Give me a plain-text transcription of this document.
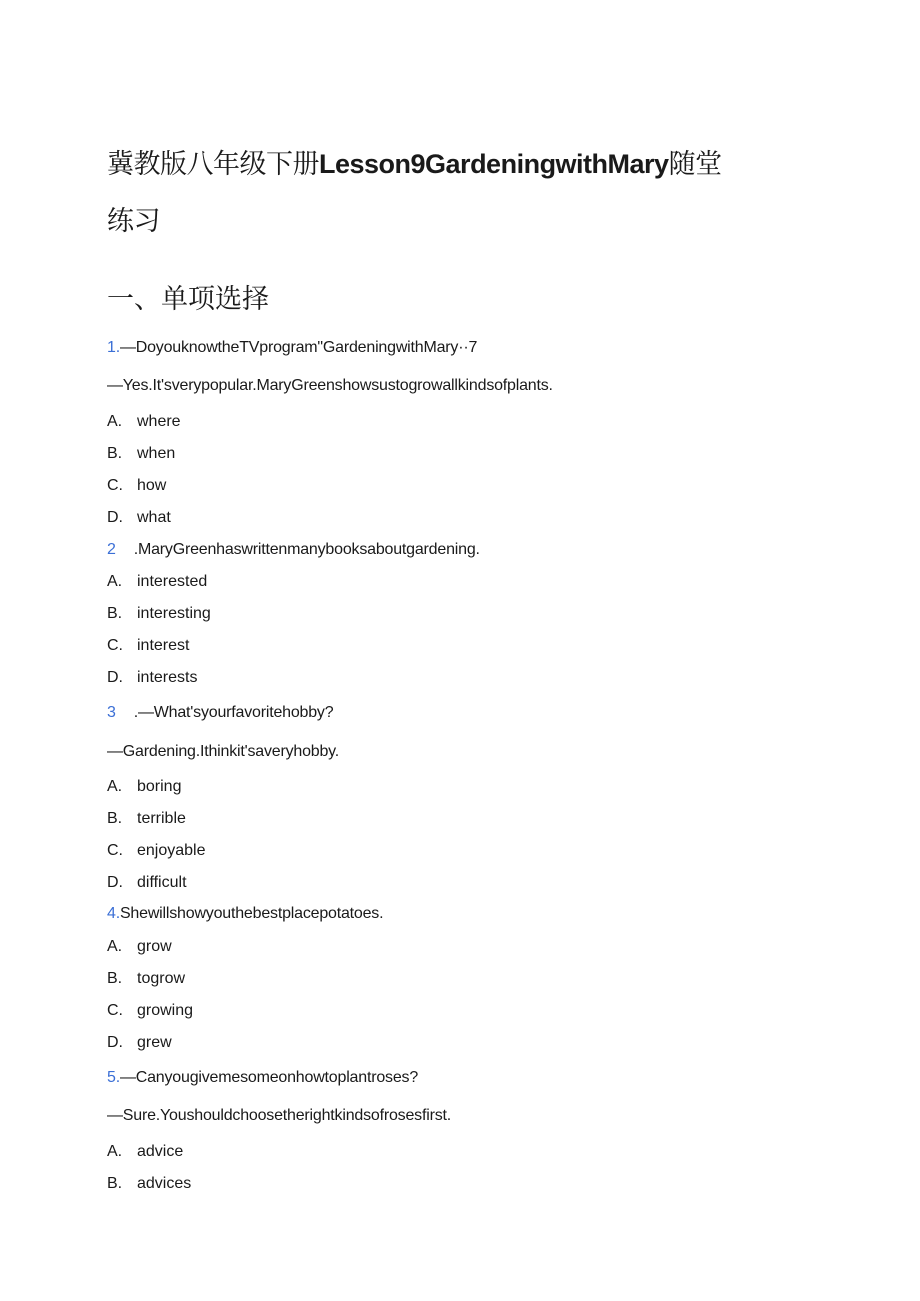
冀教版八年级下册Lesson9GardeningwithMary随堂
练习
一、单项选择
1.—DoyouknowtheTVprogram"GardeningwithMary··7
—Yes.It'sverypopular.MaryGreenshowsustogrowallkindsofplants.
A. where
B. when
C. how
D. what
2 .MaryGreenhaswrittenmanybooksaboutgardening.
A. interested
B. interesting
C. interest
D. interests
3 .—What'syourfavoritehobby?
—Gardening.Ithinkit'saveryhobby.
A. boring
B. terrible
C. enjoyable
D. difficult
4.Shewillshowyouthebestplacepotatoes.
A. grow
B. togrow
C. growing
D. grew
5.—Canyougivemesomeonhowtoplantroses?
—Sure.Youshouldchoosetherightkindsofrosesfirst.
A. advice
B. advices
